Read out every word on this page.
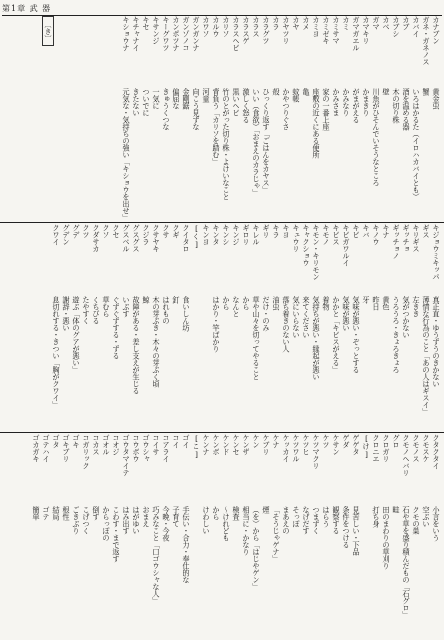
第1章 武 器
カナブン
黄金虫
ガネ・ガネノス
蟹
カバイ
いろはかるた（イロハカバイとも）
カブ
酒を温める器
カブシ
木の切り株
カベ
壁
ガマ
川魚がひそんでいそうなところ
カマキリ
かまきり
ガマガエル
がまがえる
カミ
かみなり
カミサマ
かみさま
カミゼキ
家の一番上座
カミヨ
座敷の近くにある便所
カメ
亀
カヤ
蚊帳
カヤツリ
かやつりぐさ
カラ
殻
カラグツ
ひっくり返す「ごはんをカヤス」
カラス
いい（食欲）「おまえのカラじゃ」
カラスゲ
激しく怒る
カラスヘビ
黒いヘビ
カリソ
竹のとがった切り株・よけいなこと
カルウ
背負う「カリソを踏む」
カワソ
河童
ガンガンナ
向こう見ずな
ガンゾノコ
金剛鋸
カンポツナ
偏屈な
キーグワツ
きゅうくつな
キサンジ
一気に
キセ
ついでに
キチャナイ
きたない
キショウナ
元気な・気持ちの強い「キショウを出せ」
〔き〕
キジョウミキッパ
真正直・ゆうずうのきかない
ギス
薄情な行為のこと「あの人はギスイ」
キリギス
左きき
ギッチョ
気がつかない
ギッチョノ
うろうろ・きょろきょろ
キナ
黄色
キノウ
昨日
キバ
牙
キビ
気味が悪い・ぞっとする
キビガワルイ
気味が悪い
キビス
かかと「キビスがえる」
キモノ
着物
キモン・キリモン
気持ちが悪い・縁起が悪い
キャクショウ
来てください
キュウリ
気にいらない
キヨ
落ち着きのない人
キラ
油虫
ギリ
だけ・のみ
キレル
草や山々を切ってやること
ギロリ
から
キンジ
なんと
キンシ
から
キンタ
はかり・竿ばかり
キンヨ
[く]
クイタロ
食いしん坊
クギ
釘
クサ
はれもの
クサヤキ
木の芽ぶき・木々の芽ぶく頃
クジラ
鯨
グスグス
故障がある・差し支えが生じる
グスベル
いぶす
クセ
ぐずぐずする・ずる
クソ
草むら
クダサカ
くちびる
クツ
たやすく
グデ
遊ぶ「体のグアが悪い」
グデン
謝辞・悪い
クワイ
息切れする・きつい「胸がクワイ」
クタクタイ
小言をいう
クモスケ
空ぶい
クモノス
クモの巣
クモノヘバリ
石や草を盛り積んだもの「石グロ」
グロ
畦
クロガリ
田のまわりの草刈り
クロニエ
打ち身
[け]
ゲゲタ
見苦しい・下品
ゲダ
条件をつける
ケサン
観察する
ケツ
はらう
ケツマクリ
つまずく
ケツヒ
なげだす
ケツワル
そっぽ
ケッカイ
まあえの
ケナ
「そうじゃゲナ」
ケブリ
煙
ケン
（を）から「はじやゲン」
ケンザ
相当に・かなり
ケンセ
検査
ケンド
〜けれども
ケンボ
から
ケンナ
けわしい
[こ]
ゴイ
手伝い・合力・奉仕的な
コイ
子育て
コアライ
今晩・今夜
コイサ
巧みなこと「口ゴウシャな人」
ゴウシャ
おまえ
コウボウ
はがゆい
ゴウタマイテ
はみ出す
コオジ
こわす・まで返す
ゴオル
からっぽの
コカス
倒す
コガリック
こげつく
ゴキ
ごきぶり
ゴキブリ
根性
ゴタ
結局
ゴテハイ
ゴテ
ゴカガキ
簡単
